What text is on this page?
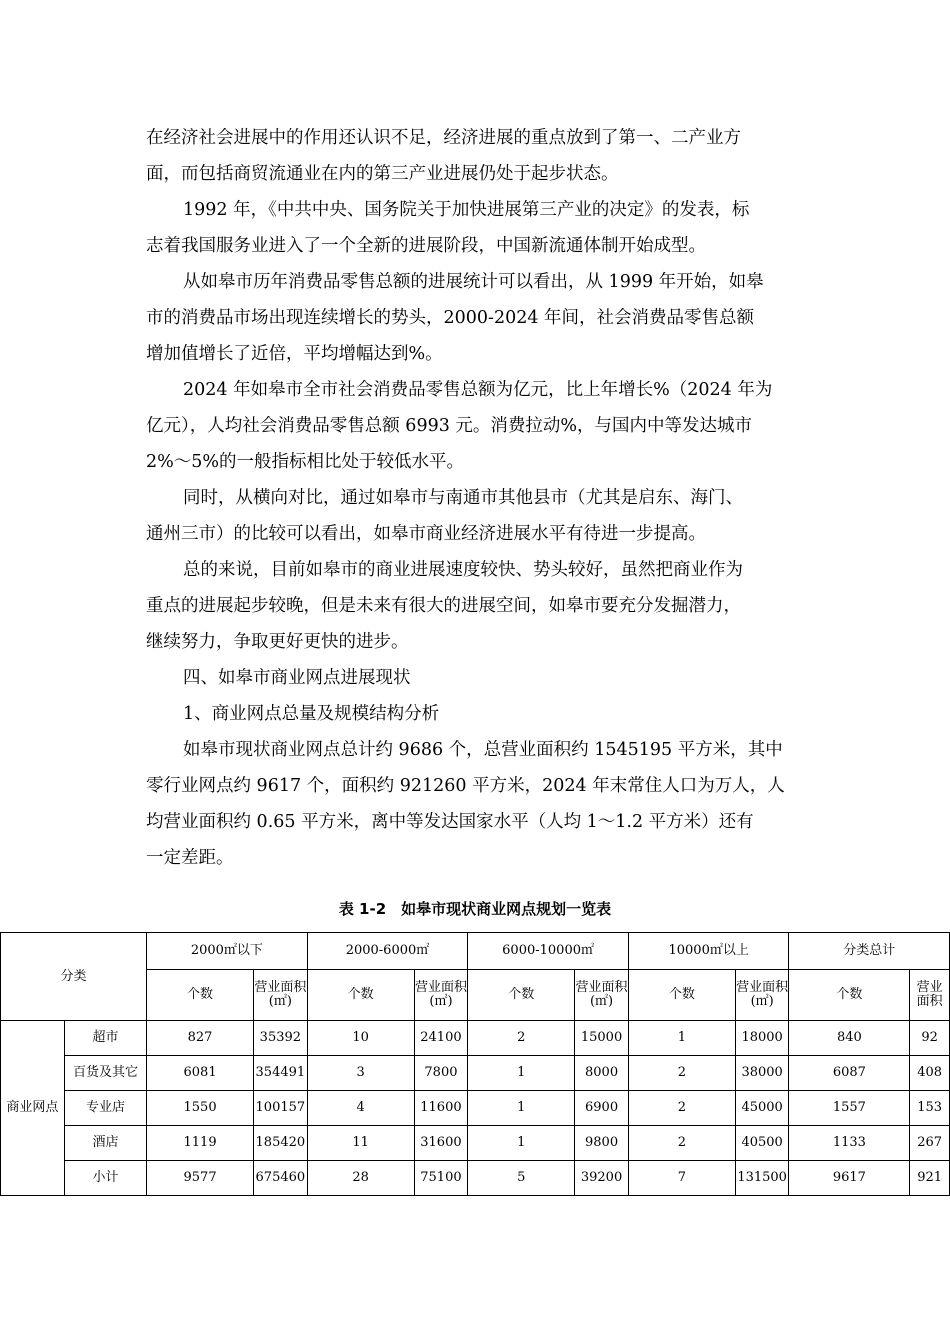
在经济社会进展中的作用还认识不足，经济进展的重点放到了第一、二产业方
面，而包括商贸流通业在内的第三产业进展仍处于起步状态。
1992 年，《中共中央、国务院关于加快进展第三产业的决定》的发表，标
志着我国服务业进入了一个全新的进展阶段，中国新流通体制开始成型。
从如皋市历年消费品零售总额的进展统计可以看出，从 1999 年开始，如皋
市的消费品市场出现连续增长的势头，2000-2024 年间，社会消费品零售总额
增加值增长了近倍，平均增幅达到%。
2024 年如皋市全市社会消费品零售总额为亿元，比上年增长%（2024 年为
亿元），人均社会消费品零售总额 6993 元。消费拉动%，与国内中等发达城市
2%～5%的一般指标相比处于较低水平。
同时，从横向对比，通过如皋市与南通市其他县市（尤其是启东、海门、
通州三市）的比较可以看出，如皋市商业经济进展水平有待进一步提高。
总的来说，目前如皋市的商业进展速度较快、势头较好，虽然把商业作为
重点的进展起步较晚，但是未来有很大的进展空间，如皋市要充分发掘潜力，
继续努力，争取更好更快的进步。
四、如皋市商业网点进展现状
1、商业网点总量及规模结构分析
如皋市现状商业网点总计约 9686 个，总营业面积约 1545195 平方米，其中
零行业网点约 9617 个，面积约 921260 平方米，2024 年末常住人口为万人，人
均营业面积约 0.65 平方米，离中等发达国家水平（人均 1～1.2 平方米）还有
一定差距。
表 1-2　如皋市现状商业网点规划一览表
分类		2000㎡以下		2000-6000㎡		6000-10000㎡		10000㎡以上		分类总计	
		个数	营业面积(㎡)	个数	营业面积(㎡)	个数	营业面积(㎡)	个数	营业面积(㎡)	个数	营业面积
商业网点	超市	827	35392	10	24100	2	15000	1	18000	840	92
	百货及其它	6081	354491	3	7800	1	8000	2	38000	6087	408
	专业店	1550	100157	4	11600	1	6900	2	45000	1557	153
	酒店	1119	185420	11	31600	1	9800	2	40500	1133	267
	小计	9577	675460	28	75100	5	39200	7	131500	9617	921
